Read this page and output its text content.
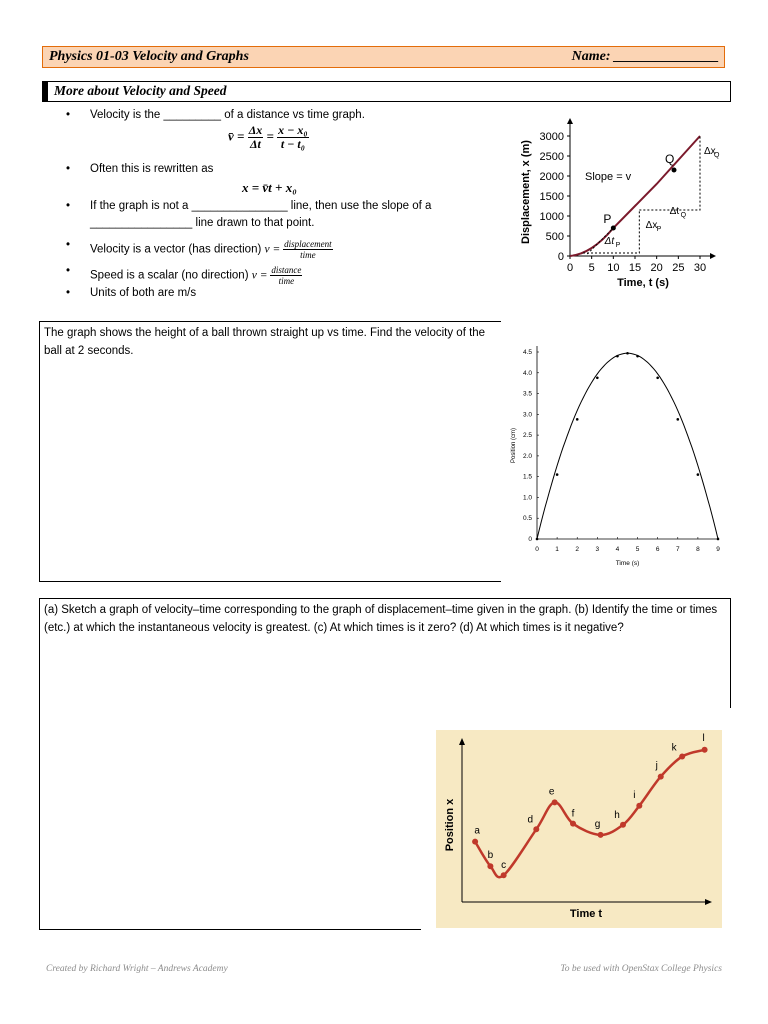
Physics 01-03 Velocity and Graphs	Name: _______________
More about Velocity and Speed
• Velocity is the _________ of a distance vs time graph.
v̄ = $\frac{\Delta x}{\Delta t} = \frac{\text{x − x₀}}{\text{t − t₀}}$
• Often this is rewritten as
x = v̄t + x₀
• If the graph is not a _______________ line, then use the slope of a
________________ line drawn to that point.
• Velocity is a vector (has direction) $v = \frac{\text{displacement}}{\text{time}}$
• Speed is a scalar (no direction) $v = \frac{\text{distance}}{\text{time}}$
• Units of both are m/s
0 5 10 15 20 25 30
0
500
1000
1500
2000
2500
3000
Time, t (s)
Displacement, x (m)	P
Q
Slope = v
Δx
Q
Δt Q
Δx P
Δt P
The graph shows the height of a ball thrown straight up vs time. Find the velocity of the ball at 2 seconds.
0	1	2	3	4	5	6	7	8	9
0
0.5
1.0
1.5
2.0
2.5
3.0
3.5
4.0
4.5
Time (s)
Position (cm)
(a) Sketch a graph of velocity–time corresponding to the graph of displacement–time given in the graph. (b) Identify the time or times (etc.) at which the instantaneous velocity is greatest. (c) At which times is it zero? (d) At which times is it negative?
Time t
Position x a
b
c
d
e
f
g
h
i
j
k
l
Created by Richard Wright – Andrews Academy	To be used with OpenStax College Physics
